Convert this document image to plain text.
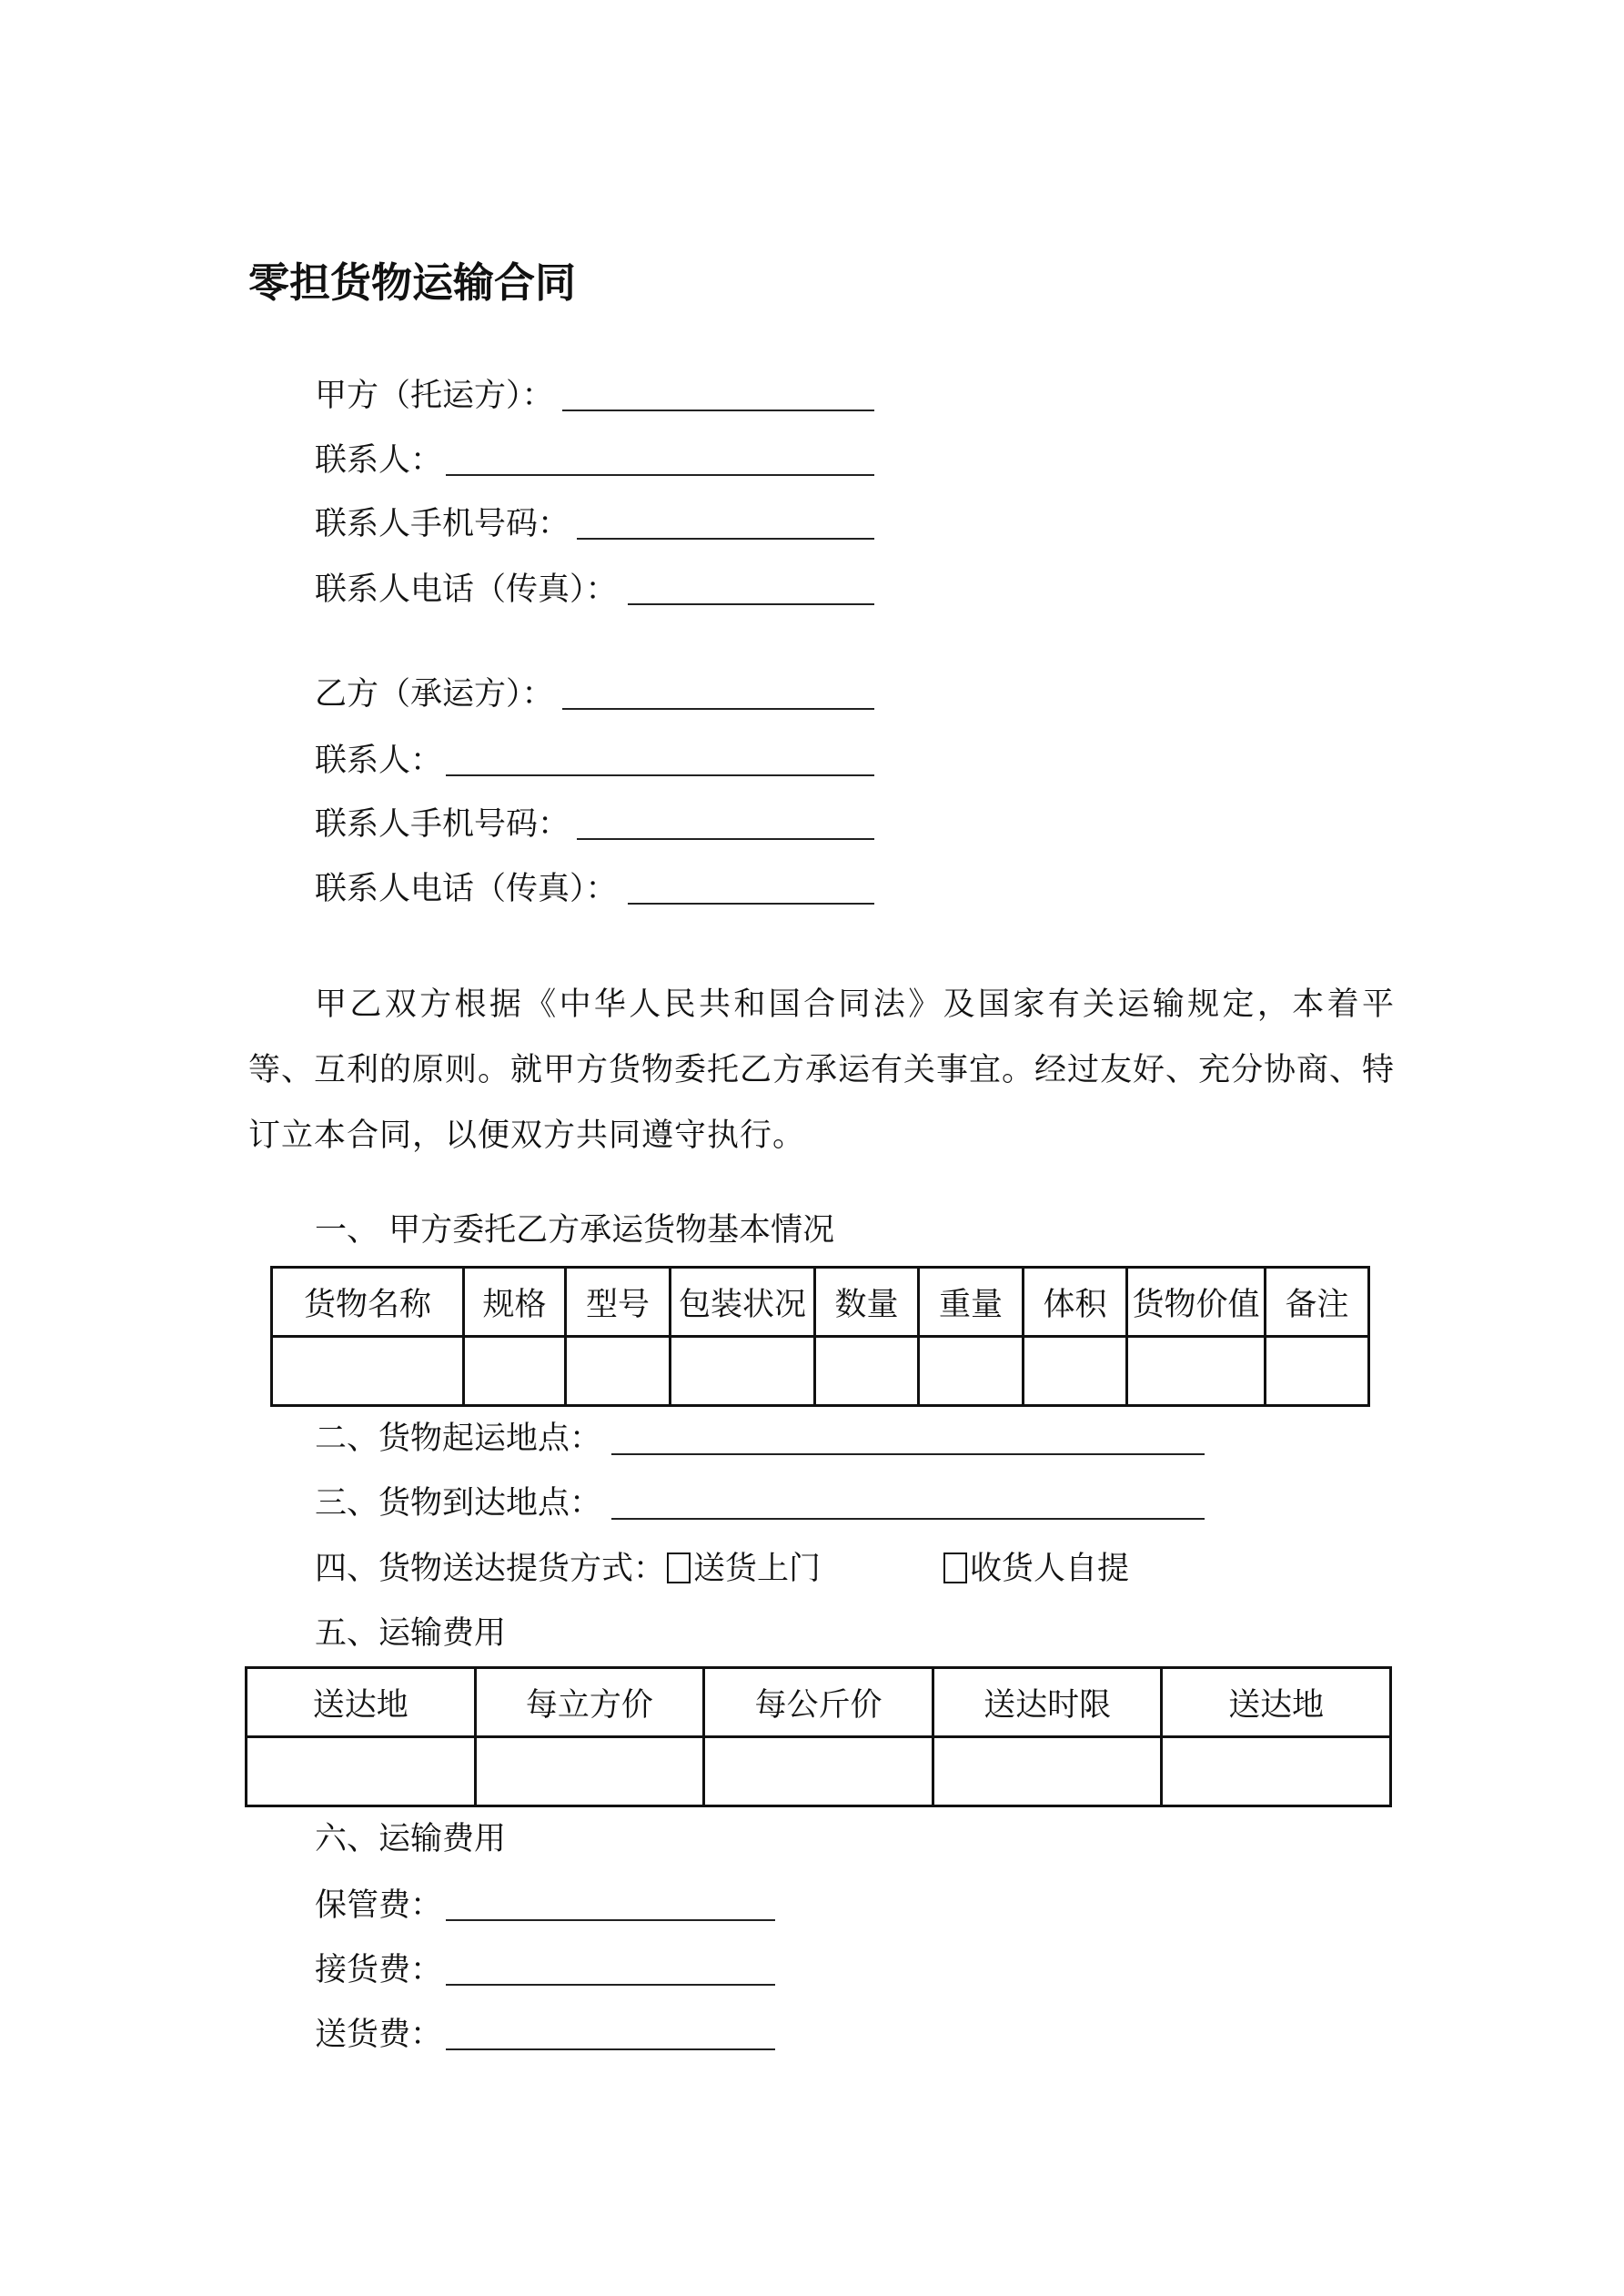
零担货物运输合同
甲方（托运方）：
联系人：
联系人手机号码：
联系人电话（传真）：
乙方（承运方）：
联系人：
联系人手机号码：
联系人电话（传真）：
甲乙双方根据《中华人民共和国合同法》及国家有关运输规定，本着平等、互利的原则。就甲方货物委托乙方承运有关事宜。经过友好、充分协商、特订立本合同，以便双方共同遵守执行。
一、 甲方委托乙方承运货物基本情况
货物名称	规格	型号	包装状况	数量	重量	体积	货物价值	备注

二、货物起运地点：
三、货物到达地点：
四、货物送达提货方式： 送货上门	收货人自提
五、运输费用
送达地	每立方价	每公斤价	送达时限	送达地

六、运输费用
保管费：
接货费：
送货费：
